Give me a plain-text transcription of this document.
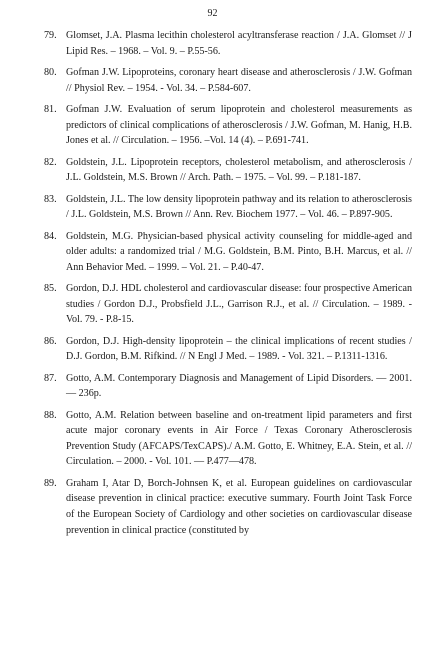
92
79. Glomset, J.A. Plasma lecithin cholesterol acyltransferase reaction / J.A. Glomset // J Lipid Res. – 1968. – Vol. 9. – P.55-56.
80. Gofman J.W. Lipoproteins, coronary heart disease and atherosclerosis / J.W. Gofman // Physiol Rev. – 1954. - Vol. 34. – P.584-607.
81. Gofman J.W. Evaluation of serum lipoprotein and cholesterol measurements as predictors of clinical complications of atherosclerosis / J.W. Gofman, M. Hanig, H.B. Jones et al. // Circulation. – 1956. –Vol. 14 (4). – P.691-741.
82. Goldstein, J.L. Lipoprotein receptors, cholesterol metabolism, and atherosclerosis / J.L. Goldstein, M.S. Brown // Arch. Path. – 1975. – Vol. 99. – P.181-187.
83. Goldstein, J.L. The low density lipoprotein pathway and its relation to atherosclerosis / J.L. Goldstein, M.S. Brown // Ann. Rev. Biochem 1977. – Vol. 46. – P.897-905.
84. Goldstein, M.G. Physician-based physical activity counseling for middle-aged and older adults: a randomized trial / M.G. Goldstein, B.M. Pinto, B.H. Marcus, et al. // Ann Behavior Med. – 1999. – Vol. 21. – P.40-47.
85. Gordon, D.J. HDL cholesterol and cardiovascular disease: four prospective American studies / Gordon D.J., Probsfield J.L., Garrison R.J., et al. // Circulation. – 1989. - Vol. 79. - P.8-15.
86. Gordon, D.J. High-density lipoprotein – the clinical implications of recent studies / D.J. Gordon, B.M. Rifkind. // N Engl J Med. – 1989. - Vol. 321. – P.1311-1316.
87. Gotto, A.M. Contemporary Diagnosis and Management of Lipid Disorders. — 2001. — 236p.
88. Gotto, A.M. Relation between baseline and on-treatment lipid parameters and first acute major coronary events in Air Force / Texas Coronary Atherosclerosis Prevention Study (AFCAPS/TexCAPS)./ A.M. Gotto, E. Whitney, E.A. Stein, et al. // Circulation. – 2000. - Vol. 101. — P.477—478.
89. Graham I, Atar D, Borch-Johnsen K, et al. European guidelines on cardiovascular disease prevention in clinical practice: executive summary. Fourth Joint Task Force of the European Society of Cardiology and other societies on cardiovascular disease prevention in clinical practice (constituted by
